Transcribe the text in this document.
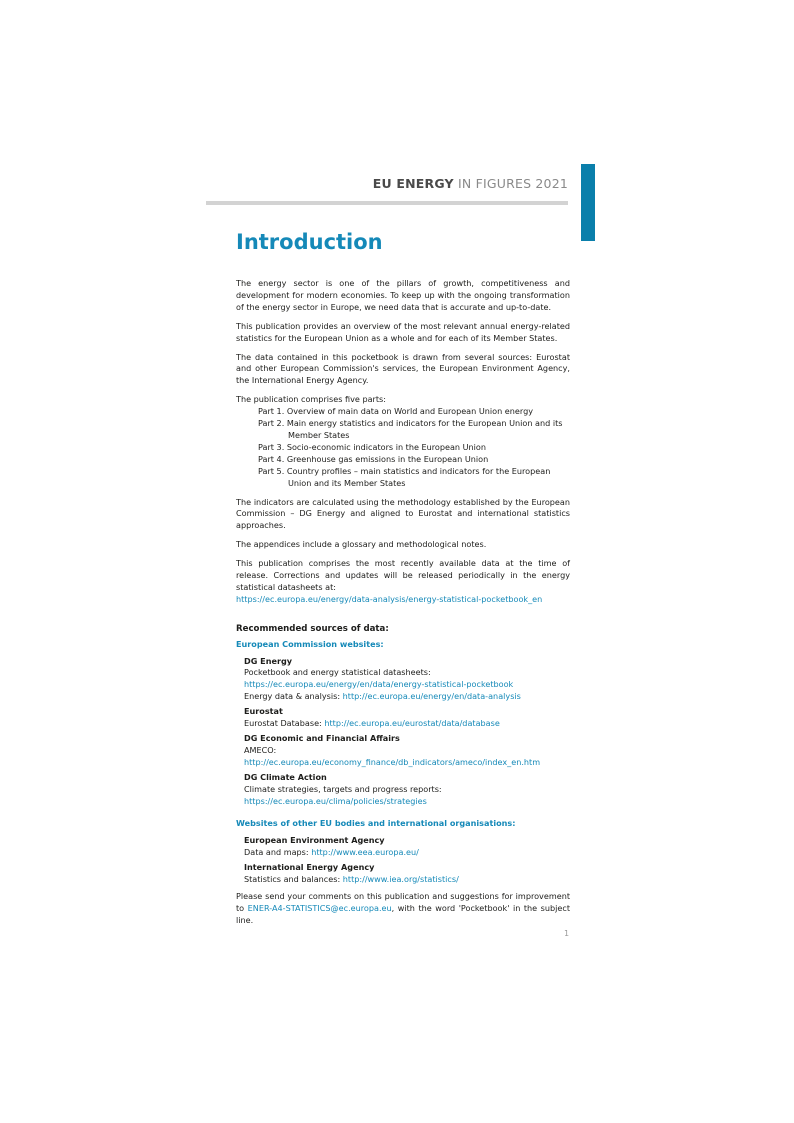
EU ENERGY IN FIGURES 2021
Introduction

The energy sector is one of the pillars of growth, competitiveness and development for modern economies. To keep up with the ongoing transformation of the energy sector in Europe, we need data that is accurate and up-to-date.

This publication provides an overview of the most relevant annual energy-related statistics for the European Union as a whole and for each of its Member States.

The data contained in this pocketbook is drawn from several sources: Eurostat and other European Commission's services, the European Environment Agency, the International Energy Agency.

The publication comprises five parts:
Part 1. Overview of main data on World and European Union energy
Part 2. Main energy statistics and indicators for the European Union and its Member States
Part 3. Socio-economic indicators in the European Union
Part 4. Greenhouse gas emissions in the European Union
Part 5. Country profiles – main statistics and indicators for the European Union and its Member States

The indicators are calculated using the methodology established by the European Commission – DG Energy and aligned to Eurostat and international statistics approaches.

The appendices include a glossary and methodological notes.

This publication comprises the most recently available data at the time of release. Corrections and updates will be released periodically in the energy statistical datasheets at:
https://ec.europa.eu/energy/data-analysis/energy-statistical-pocketbook_en

Recommended sources of data:
European Commission websites:
DG Energy
Pocketbook and energy statistical datasheets:
https://ec.europa.eu/energy/en/data/energy-statistical-pocketbook
Energy data & analysis: http://ec.europa.eu/energy/en/data-analysis
Eurostat
Eurostat Database: http://ec.europa.eu/eurostat/data/database
DG Economic and Financial Affairs
AMECO: http://ec.europa.eu/economy_finance/db_indicators/ameco/index_en.htm
DG Climate Action
Climate strategies, targets and progress reports:
https://ec.europa.eu/clima/policies/strategies
Websites of other EU bodies and international organisations:
European Environment Agency
Data and maps: http://www.eea.europa.eu/
International Energy Agency
Statistics and balances: http://www.iea.org/statistics/

Please send your comments on this publication and suggestions for improvement to ENER-A4-STATISTICS@ec.europa.eu, with the word 'Pocketbook' in the subject line.

1
